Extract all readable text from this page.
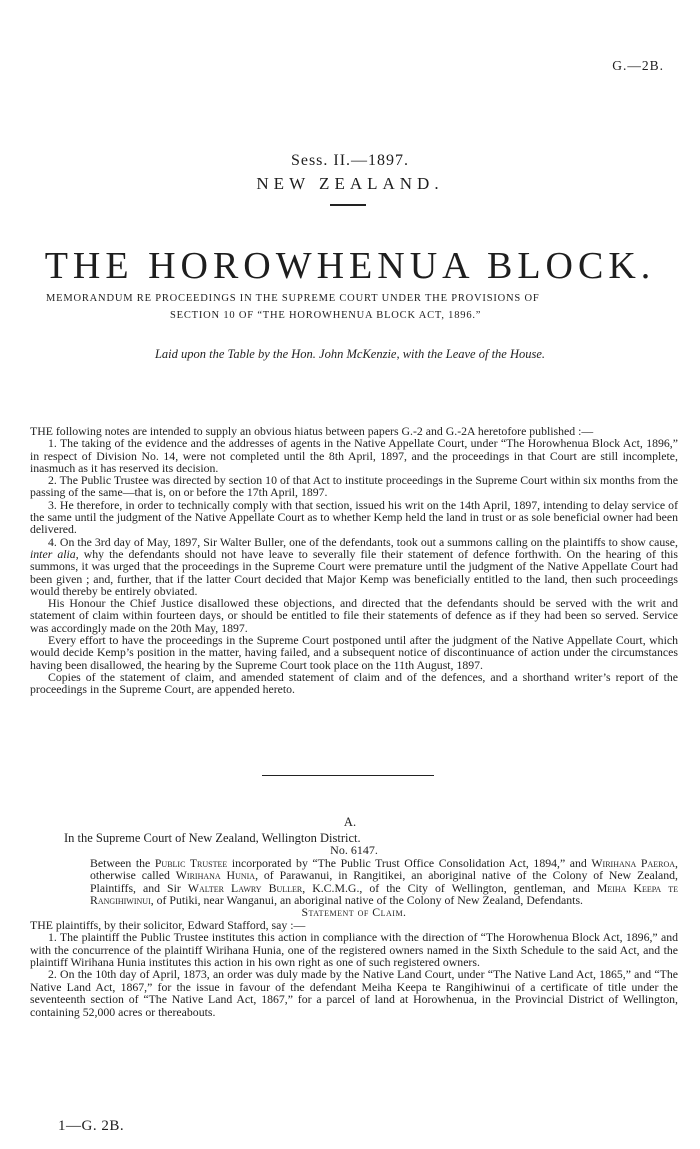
G.—2B.
Sess. II.—1897.
NEW ZEALAND.
THE HOROWHENUA BLOCK.
MEMORANDUM RE PROCEEDINGS IN THE SUPREME COURT UNDER THE PROVISIONS OF
SECTION 10 OF “THE HOROWHENUA BLOCK ACT, 1896.”
Laid upon the Table by the Hon. John McKenzie, with the Leave of the House.

THE following notes are intended to supply an obvious hiatus between papers G.-2 and G.-2A heretofore published :—

1. The taking of the evidence and the addresses of agents in the Native Appellate Court, under “The Horowhenua Block Act, 1896,” in respect of Division No. 14, were not completed until the 8th April, 1897, and the proceedings in that Court are still incomplete, inasmuch as it has reserved its decision.

2. The Public Trustee was directed by section 10 of that Act to institute proceedings in the Supreme Court within six months from the passing of the same—that is, on or before the 17th April, 1897.

3. He therefore, in order to technically comply with that section, issued his writ on the 14th April, 1897, intending to delay service of the same until the judgment of the Native Appellate Court as to whether Kemp held the land in trust or as sole beneficial owner had been delivered.

4. On the 3rd day of May, 1897, Sir Walter Buller, one of the defendants, took out a summons calling on the plaintiffs to show cause, inter alia, why the defendants should not have leave to severally file their statement of defence forthwith. On the hearing of this summons, it was urged that the proceedings in the Supreme Court were premature until the judgment of the Native Appellate Court had been given ; and, further, that if the latter Court decided that Major Kemp was beneficially entitled to the land, then such proceedings would thereby be entirely obviated.

His Honour the Chief Justice disallowed these objections, and directed that the defendants should be served with the writ and statement of claim within fourteen days, or should be entitled to file their statements of defence as if they had been so served. Service was accordingly made on the 20th May, 1897.

Every effort to have the proceedings in the Supreme Court postponed until after the judgment of the Native Appellate Court, which would decide Kemp’s position in the matter, having failed, and a subsequent notice of discontinuance of action under the circumstances having been disallowed, the hearing by the Supreme Court took place on the 11th August, 1897.

Copies of the statement of claim, and amended statement of claim and of the defences, and a shorthand writer’s report of the proceedings in the Supreme Court, are appended hereto.

A.

In the Supreme Court of New Zealand, Wellington District.

No. 6147.

Between the Public Trustee incorporated by “The Public Trust Office Consolidation Act, 1894,” and Wirihana Paeroa, otherwise called Wirihana Hunia, of Parawanui, in Rangitikei, an aboriginal native of the Colony of New Zealand, Plaintiffs, and Sir Walter Lawry Buller, K.C.M.G., of the City of Wellington, gentleman, and Meiha Keepa te Rangihiwinui, of Putiki, near Wanganui, an aboriginal native of the Colony of New Zealand, Defendants.

Statement of Claim.

THE plaintiffs, by their solicitor, Edward Stafford, say :—

1. The plaintiff the Public Trustee institutes this action in compliance with the direction of “The Horowhenua Block Act, 1896,” and with the concurrence of the plaintiff Wirihana Hunia, one of the registered owners named in the Sixth Schedule to the said Act, and the plaintiff Wirihana Hunia institutes this action in his own right as one of such registered owners.

2. On the 10th day of April, 1873, an order was duly made by the Native Land Court, under “The Native Land Act, 1865,” and “The Native Land Act, 1867,” for the issue in favour of the defendant Meiha Keepa te Rangihiwinui of a certificate of title under the seventeenth section of “The Native Land Act, 1867,” for a parcel of land at Horowhenua, in the Provincial District of Wellington, containing 52,000 acres or thereabouts.

1—G. 2B.
